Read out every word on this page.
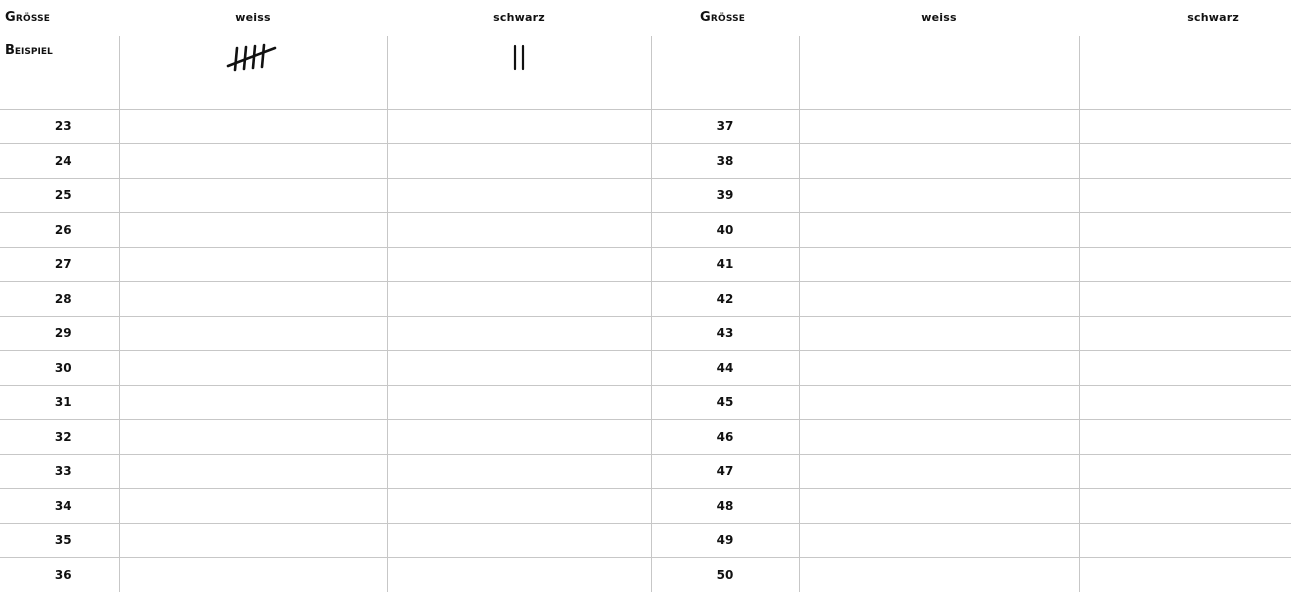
Grösse	weiss	schwarz	Grösse	weiss	schwarz
Beispiel					
23			37		
24			38		
25			39		
26			40		
27			41		
28			42		
29			43		
30			44		
31			45		
32			46		
33			47		
34			48		
35			49		
36			50		
